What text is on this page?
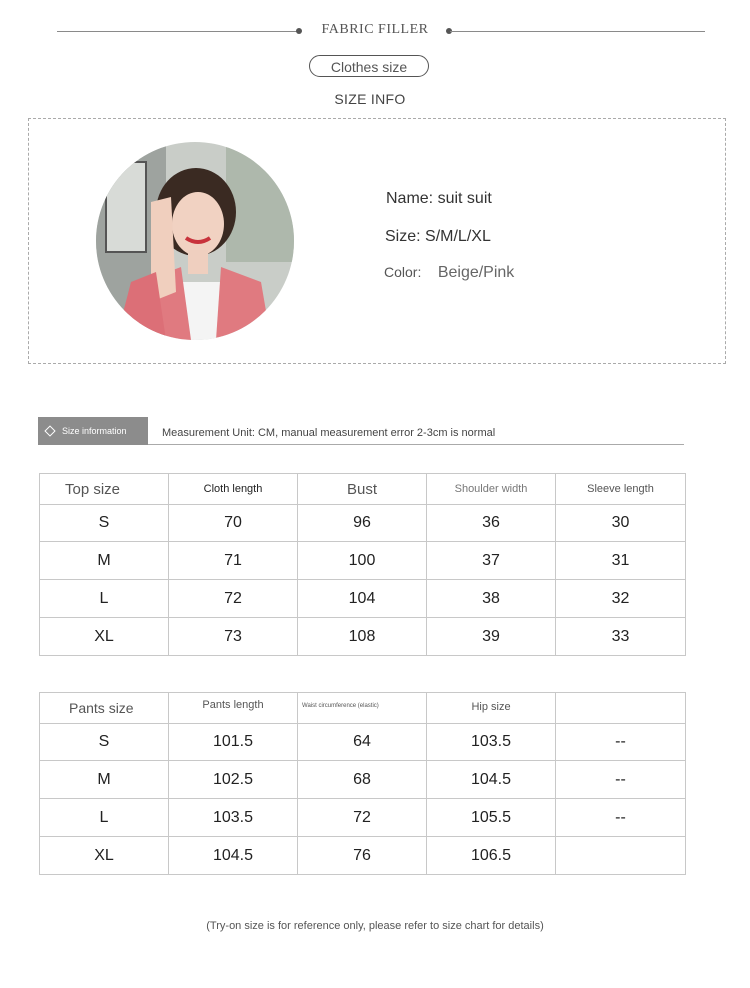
FABRIC FILLER
Clothes size
SIZE INFO
Name: suit suit
Size: S/M/L/XL
Color: Beige/Pink
Size information	Measurement Unit: CM, manual measurement error 2-3cm is normal
Top size	Cloth length	Bust	Shoulder width	Sleeve length
S	70	96	36	30
M	71	100	37	31
L	72	104	38	32
XL	73	108	39	33
Pants size	Pants length	Waist circumference (elastic)	Hip size	
S	101.5	64	103.5	--
M	102.5	68	104.5	--
L	103.5	72	105.5	--
XL	104.5	76	106.5	
(Try-on size is for reference only, please refer to size chart for details)
